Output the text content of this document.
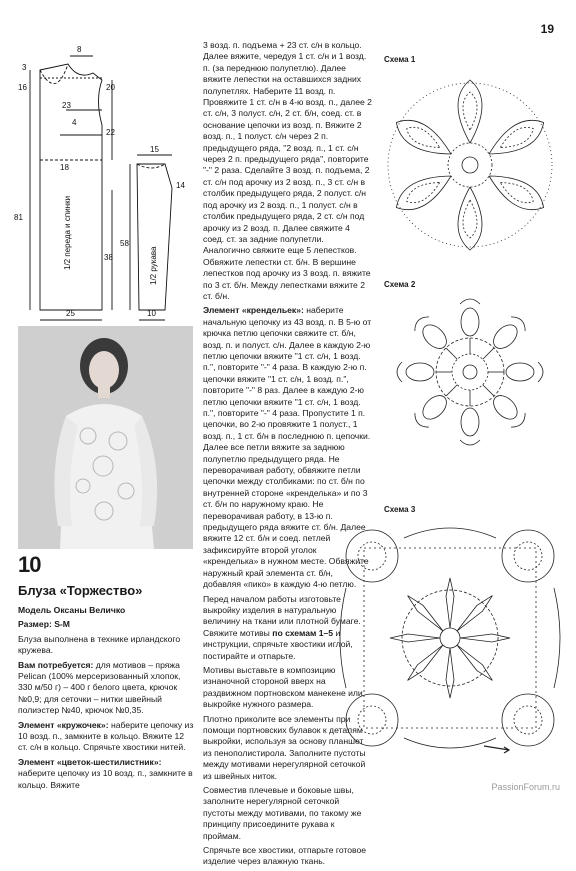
19
3
8
16	20
23
4
22
18
81	1/2 переда и спинки
25
15
14
58
38
10
1/2 рукава
10
Блуза «Торжество»

Модель Оксаны Величко

Размер: S-M

Блуза выполнена в технике ирландского кружева.

Вам потребуется: для мотивов – пряжа Pelican (100% мерсеризованный хлопок, 330 м/50 г) – 400 г белого цвета, крючок №0,9; для сеточки – нитки швейный полиэстер №40, крючок №0,35.

Элемент «кружочек»: наберите цепочку из 10 возд. п., замкните в кольцо. Вяжите 12 ст. с/н в кольцо. Спрячьте хвостики нитей.

Элемент «цветок-шестилистник»: наберите цепочку из 10 возд. п., замкните в кольцо. Вяжите

3 возд. п. подъема + 23 ст. с/н в кольцо. Далее вяжите, чередуя 1 ст. с/н и 1 возд. п. (за переднюю полупетлю). Далее вяжите лепестки на оставшихся задних полупетлях. Наберите 11 возд. п. Провяжите 1 ст. с/н в 4-ю возд. п., далее 2 ст. с/н, 3 полуст. с/н, 2 ст. б/н, соед. ст. в основание цепочки из возд. п. Вяжите 2 возд. п., 1 полуст. с/н через 2 п. предыдущего ряда, "2 возд. п., 1 ст. с/н через 2 п. предыдущего ряда", повторите "-" 2 раза. Сделайте 3 возд. п. подъема, 2 ст. с/н под арочку из 2 возд. п., 3 ст. с/н в столбик предыдущего ряда, 2 полуст. с/н под арочку из 2 возд. п., 1 полуст. с/н в столбик предыдущего ряда, 2 ст. с/н под арочку из 2 возд. п. Далее свяжите 4 соед. ст. за задние полупетли. Аналогично свяжите еще 5 лепестков. Обвяжите лепестки ст. б/н. В вершине лепестков под арочку из 3 возд. п. вяжите по 3 ст. б/н. Между лепестками вяжите 2 ст. б/н.

Элемент «крендельек»: наберите начальную цепочку из 43 возд. п. В 5-ю от крючка петлю цепочки свяжите ст. б/н, возд. п. и полуст. с/н. Далее в каждую 2-ю петлю цепочки вяжите "1 ст. с/н, 1 возд. п.", повторите "-" 4 раза. В каждую 2-ю п. цепочки вяжите "1 ст. с/н, 1 возд. п.", повторите "-" 8 раз. Далее в каждую 2-ю петлю цепочки вяжите "1 ст. с/н, 1 возд. п.", повторите "-" 4 раза. Пропустите 1 п. цепочки, во 2-ю провяжите 1 полуст., 1 возд. п., 1 ст. б/н в последнюю п. цепочки. Далее все петли вяжите за заднюю полупетлю предыдущего ряда. Не переворачивая работу, обвяжите петли цепочки между столбиками: по ст. б/н по внутренней стороне «кренделька» и по 3 ст. б/н по наружному краю. Не переворачивая работу, в 13-ю п. предыдущего ряда вяжите ст. б/н. Далее вяжите 12 ст. б/н и соед. петлей зафиксируйте второй уголок «кренделька» в нужном месте. Обвяжите наружный край элемента ст. б/н, добавляя «пико» в каждую 4-ю петлю.

Перед началом работы изготовьте выкройку изделия в натуральную величину на ткани или плотной бумаге. Свяжите мотивы по схемам 1–5 и инструкции, спрячьте хвостики иглой, постирайте и отпарьте.

Мотивы выставьте в композицию изнаночной стороной вверх на раздвижном портновском манекене или выкройке нужного размера.

Плотно приколите все элементы при помощи портновских булавок к деталям выкройки, используя за основу планшет из пенополистирола. Заполните пустоты между мотивами нерегулярной сеточкой из швейных ниток.

Совместив плечевые и боковые швы, заполните нерегулярной сеточкой пустоты между мотивами, по такому же принципу присоедините рукава к проймам.

Спрячьте все хвостики, отпарьте готовое изделие через влажную ткань.

Схема 1
Схема 2
Схема 3
PassionForum.ru
